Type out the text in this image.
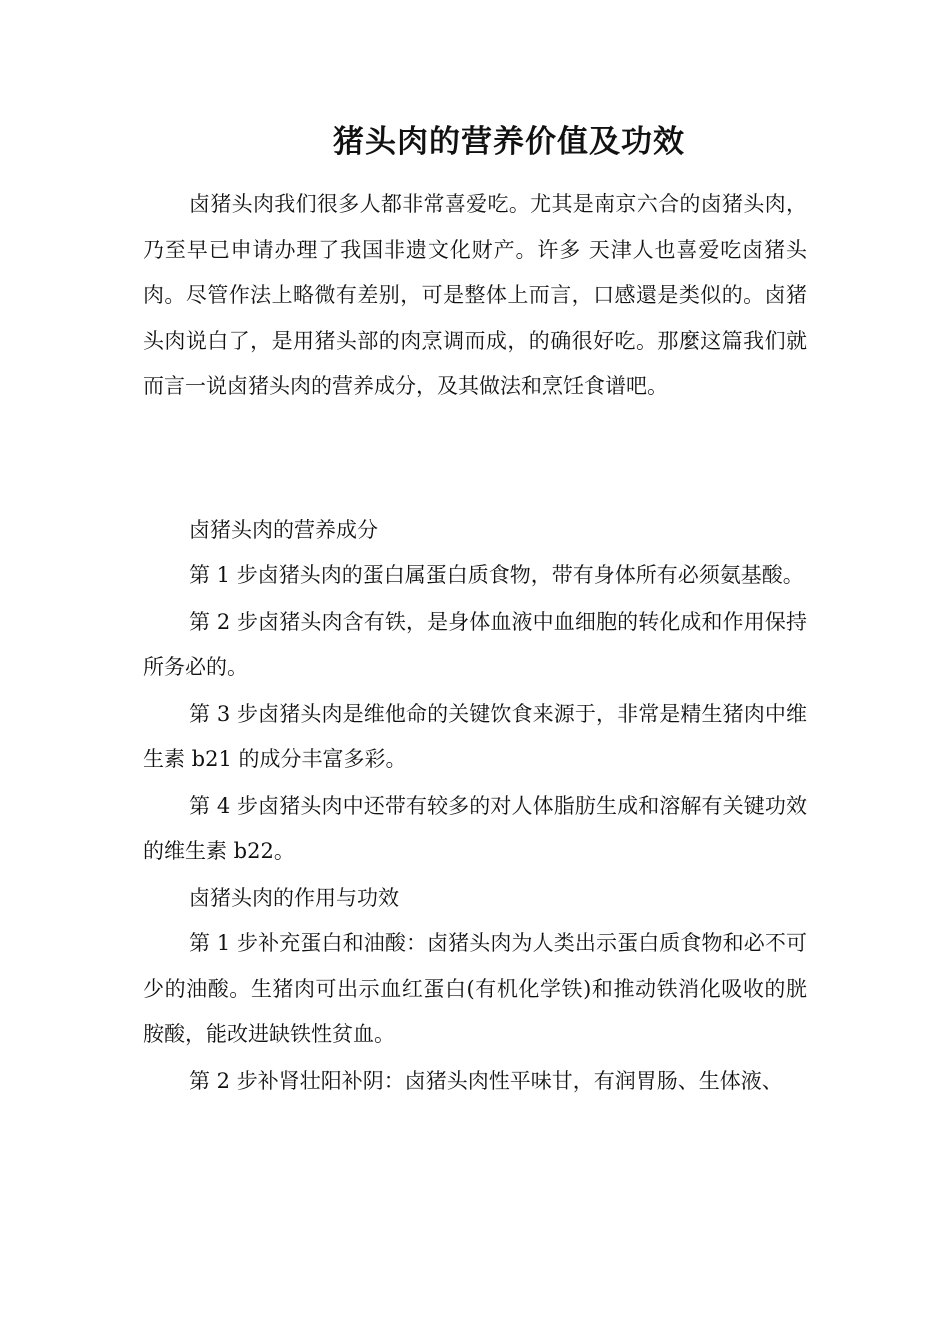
猪头肉的营养价值及功效

卤猪头肉我们很多人都非常喜爱吃。尤其是南京六合的卤猪头肉，乃至早已申请办理了我国非遗文化财产。许多 天津人也喜爱吃卤猪头肉。尽管作法上略微有差别，可是整体上而言，口感還是类似的。卤猪头肉说白了，是用猪头部的肉烹调而成，的确很好吃。那麼这篇我们就而言一说卤猪头肉的营养成分，及其做法和烹饪食谱吧。

卤猪头肉的营养成分

第 1 步卤猪头肉的蛋白属蛋白质食物，带有身体所有必须氨基酸。

第 2 步卤猪头肉含有铁，是身体血液中血细胞的转化成和作用保持所务必的。

第 3 步卤猪头肉是维他命的关键饮食来源于，非常是精生猪肉中维生素 b21 的成分丰富多彩。

第 4 步卤猪头肉中还带有较多的对人体脂肪生成和溶解有关键功效的维生素 b22。

卤猪头肉的作用与功效

第 1 步补充蛋白和油酸：卤猪头肉为人类出示蛋白质食物和必不可少的油酸。生猪肉可出示血红蛋白(有机化学铁)和推动铁消化吸收的胱胺酸，能改进缺铁性贫血。

第 2 步补肾壮阳补阴：卤猪头肉性平味甘，有润胃肠、生体液、
